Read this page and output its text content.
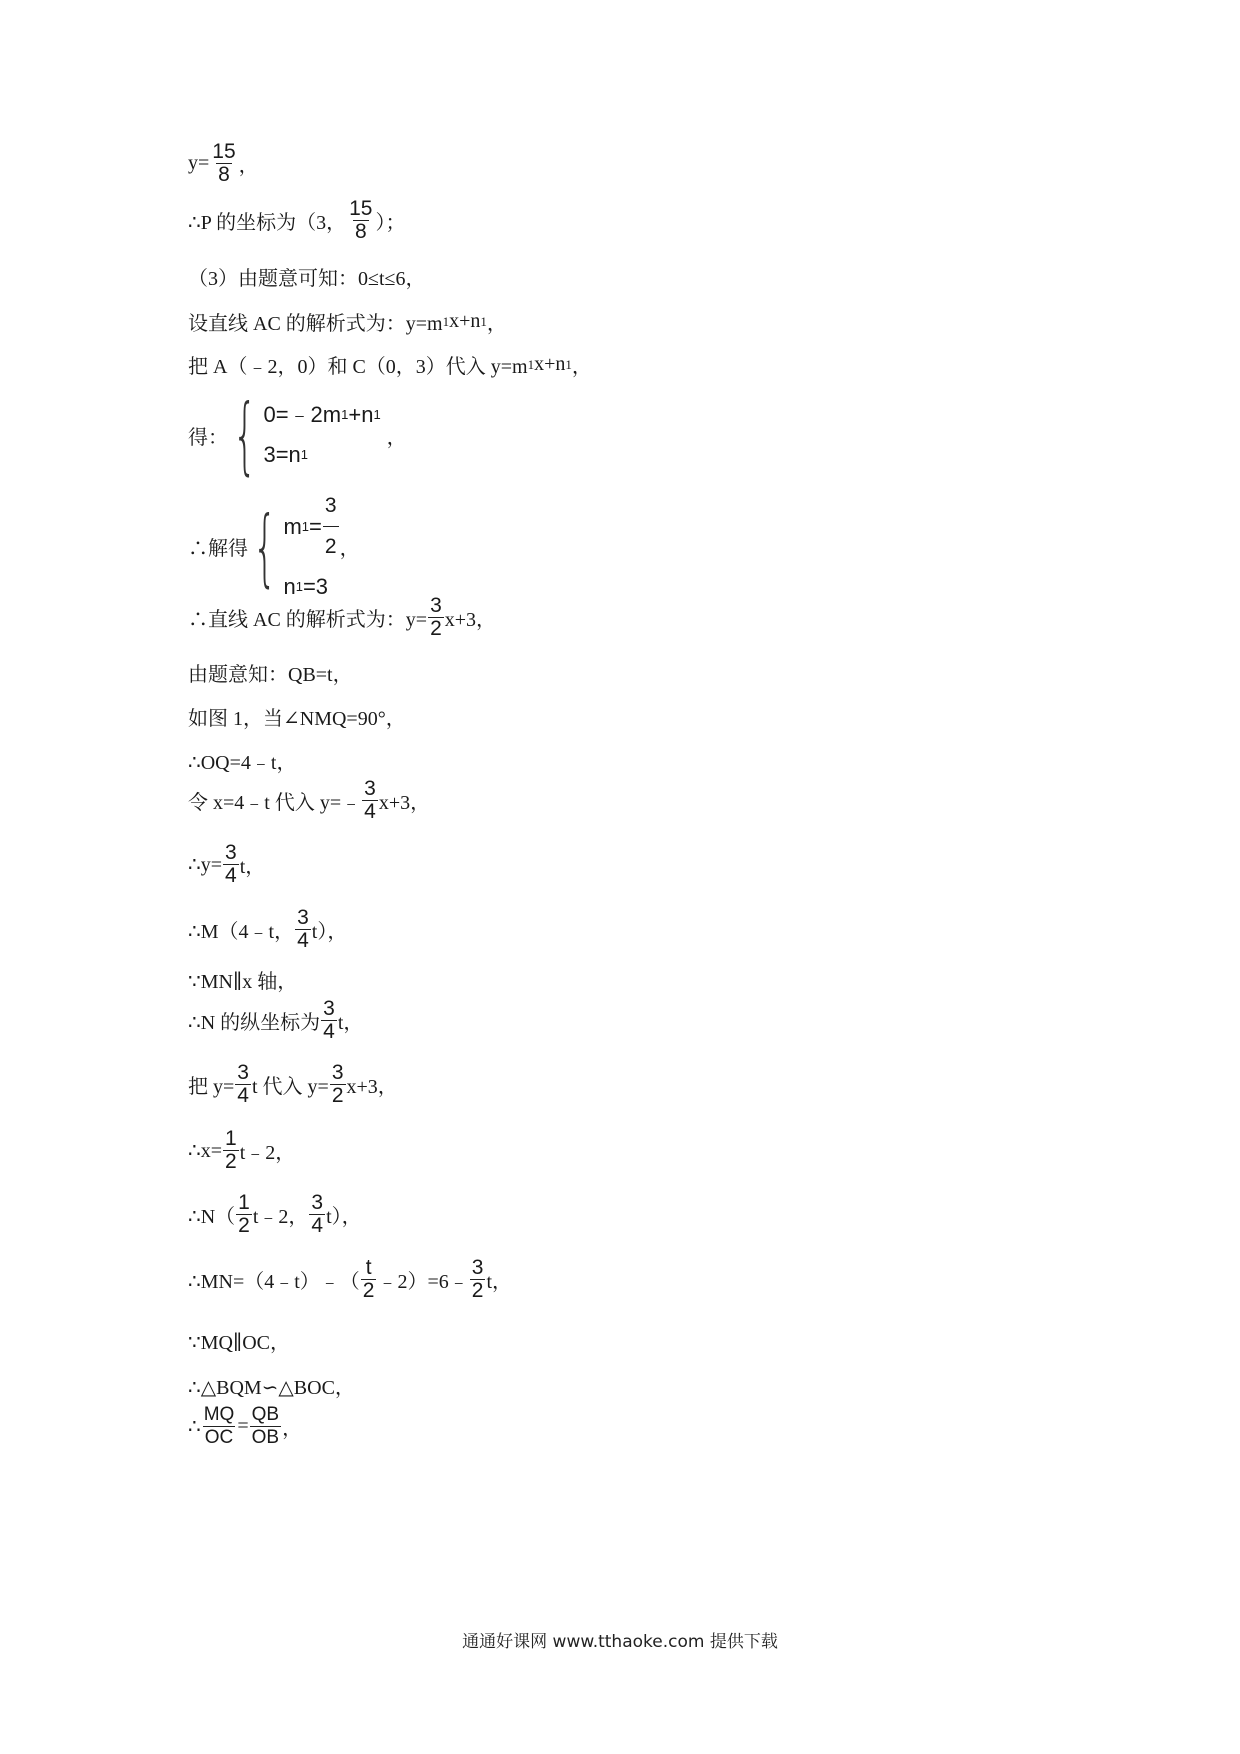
$y= \frac{15}{8}$ ，
∴P 的坐标为（3， $\frac{15}{8}$ ）；
（3）由题意可知：0≤t≤6，
设直线 AC 的解析式为：y=m 1 x+n 1 ，
把 A（﹣2，0）和 C（0，3）代入 y=m 1 x+n 1 ，
得： { 0=﹣2m 1 +n 1
3=n 1
，
∴解得 { m $1 = \frac{3}{2}$
n 1 =3
，
∴直线 AC 的解析式为：$y= \frac{3}{2} x+3$，
由题意知：QB=t，
如图 1，当∠NMQ=90°，
∴OQ=4﹣t，
令 x=4﹣t 代入 y=﹣ $\frac{3}{4} x+3$，
∴y= $\frac{3}{4}$ t，
∴M（4﹣t， $\frac{3}{4} t$），
∵MN∥x 轴，
∴N 的纵坐标为 $\frac{3}{4}$ t，
把 $y= \frac{3}{4}$ t 代入 $y= \frac{3}{2} x+3$，
∴x= $\frac{1}{2}$ t﹣2，
∴N（ $\frac{1}{2}$ t﹣2， $\frac{3}{4} t$），
∴MN=（4﹣t）﹣（ $\frac{t}{2}$ ﹣2）=6﹣ $\frac{3}{2}$ t，
∵MQ∥OC，
∴△BQM∽△BOC，
∴ $\frac{MQ}{OC} = \frac{QB}{OB}$ ，
通通好课网 www.tthaoke.com 提供下载
